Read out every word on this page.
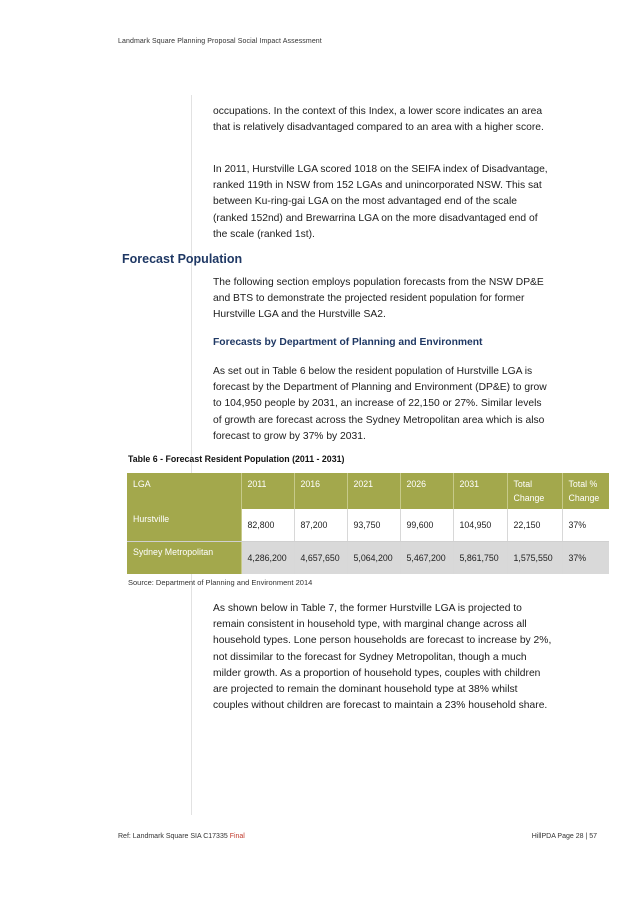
Landmark Square Planning Proposal Social Impact Assessment

occupations. In the context of this Index, a lower score indicates an area that is relatively disadvantaged compared to an area with a higher score.

In 2011, Hurstville LGA scored 1018 on the SEIFA index of Disadvantage, ranked 119th in NSW from 152 LGAs and unincorporated NSW. This sat between Ku-ring-gai LGA on the most advantaged end of the scale (ranked 152nd) and Brewarrina LGA on the more disadvantaged end of the scale (ranked 1st).

Forecast Population

The following section employs population forecasts from the NSW DP&E and BTS to demonstrate the projected resident population for former Hurstville LGA and the Hurstville SA2.

Forecasts by Department of Planning and Environment

As set out in Table 6 below the resident population of Hurstville LGA is forecast by the Department of Planning and Environment (DP&E) to grow to 104,950 people by 2031, an increase of 22,150 or 27%. Similar levels of growth are forecast across the Sydney Metropolitan area which is also forecast to grow by 37% by 2031.

Table 6 - Forecast Resident Population (2011 - 2031)

LGA	2011	2016	2021	2026	2031	Total Change	Total % Change
Hurstville	82,800	87,200	93,750	99,600	104,950	22,150	37%
Sydney Metropolitan	4,286,200	4,657,650	5,064,200	5,467,200	5,861,750	1,575,550	37%

Source: Department of Planning and Environment 2014

As shown below in Table 7, the former Hurstville LGA is projected to remain consistent in household type, with marginal change across all household types. Lone person households are forecast to increase by 2%, not dissimilar to the forecast for Sydney Metropolitan, though a much milder growth. As a proportion of household types, couples with children are projected to remain the dominant household type at 38% whilst couples without children are forecast to maintain a 23% household share.

Ref: Landmark Square SIA C17335 Final	HillPDA Page 28 | 57
